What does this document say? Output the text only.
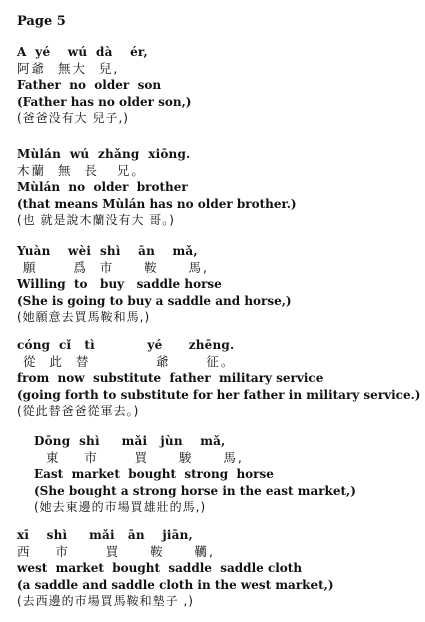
Page 5
A  yé    wú  dà    ér,
阿爺  無大  兒,
Father  no  older  son
(Father has no older son,)
(爸爸没有大 兒子,)
Mùlán  wú  zhǎng  xiōng.
木蘭  無  長   兄。
Mùlán  no  older  brother
(that means Mùlán has no older brother.)
(也 就是說木蘭没有大 哥。)
Yuàn    wèi  shì    ān    mǎ,
願      爲  市     鞍     馬,
Willing  to   buy   saddle horse
(She is going to buy a saddle and horse,)
(她願意去買馬鞍和馬,)
cóng  cǐ   tì            yé      zhēng.
從  此  替           爺      征。
from  now  substitute  father  military service
(going forth to substitute for her father in military service.)
(從此替爸爸從軍去。)
Dōng  shì     mǎi   jùn    mǎ,
東    市      買     駿     馬,
East  market  bought  strong  horse
(She bought a strong horse in the east market,)
(她去東邊的市場買雄壯的馬,)
xī    shì     mǎi   ān    jiān,
西    市      買     鞍     韉,
west  market  bought  saddle  saddle cloth
(a saddle and saddle cloth in the west market,)
(去西邊的市場買馬鞍和墊子 ,)
